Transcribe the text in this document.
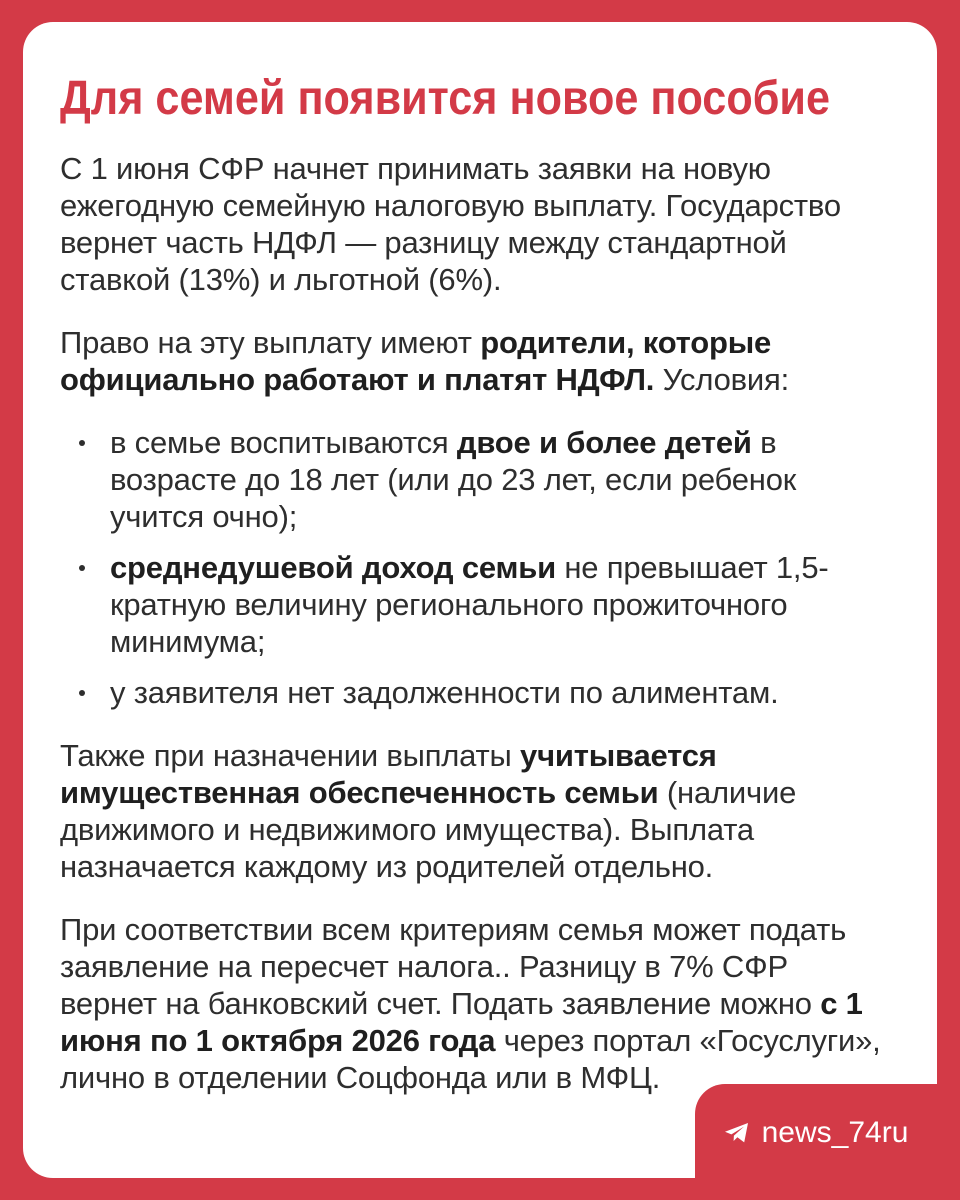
Для семей появится новое пособие

С 1 июня СФР начнет принимать заявки на новую ежегодную семейную налоговую выплату. Государство вернет часть НДФЛ — разницу между стандартной ставкой (13%) и льготной (6%).

Право на эту выплату имеют родители, которые официально работают и платят НДФЛ. Условия:

в семье воспитываются двое и более детей в возрасте до 18 лет (или до 23 лет, если ребенок учится очно);
среднедушевой доход семьи не превышает 1,5-кратную величину регионального прожиточного минимума;
у заявителя нет задолженности по алиментам.

Также при назначении выплаты учитывается имущественная обеспеченность семьи (наличие движимого и недвижимого имущества). Выплата назначается каждому из родителей отдельно.

При соответствии всем критериям семья может подать заявление на пересчет налога.. Разницу в 7% СФР вернет на банковский счет. Подать заявление можно с 1 июня по 1 октября 2026 года через портал «Госуслуги», лично в отделении Соцфонда или в МФЦ.

news_74ru
